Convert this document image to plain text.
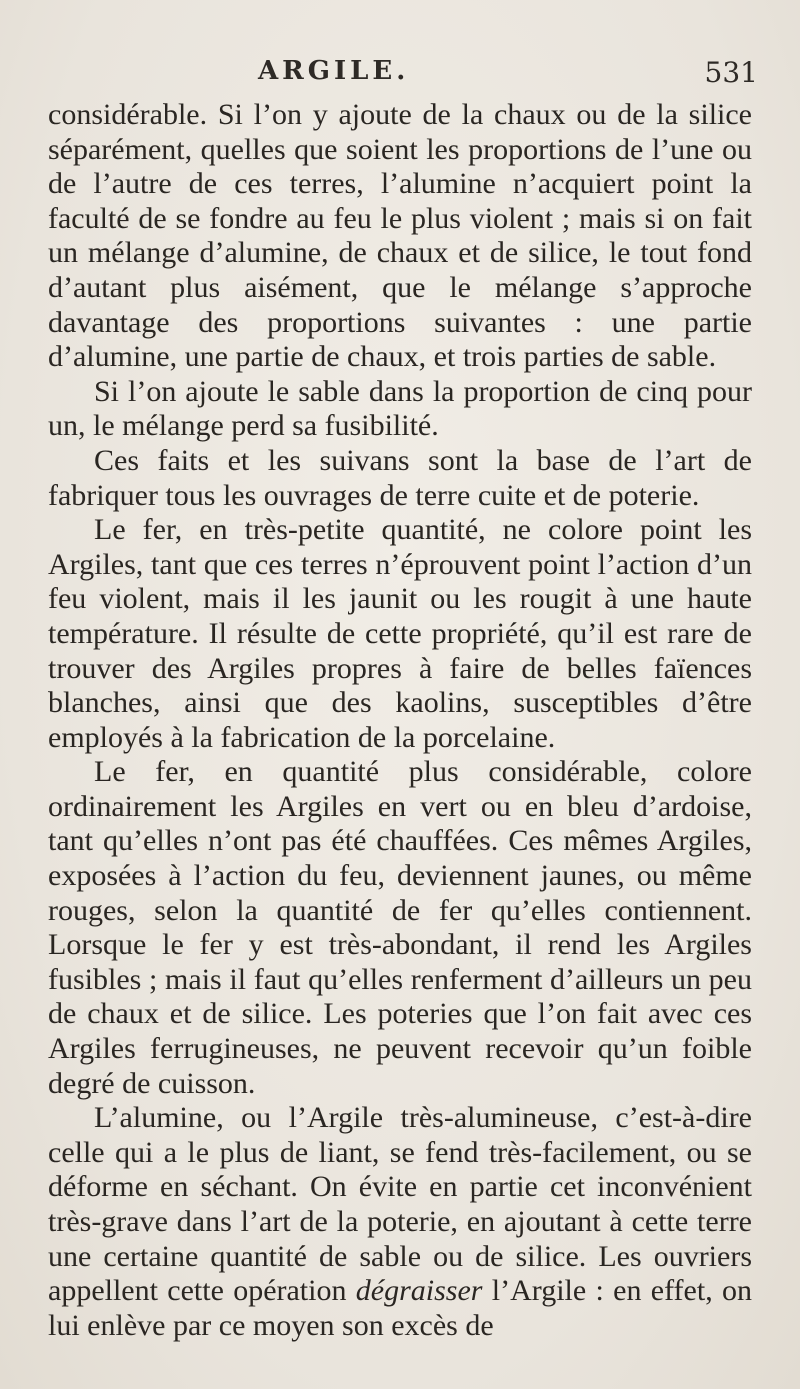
ARGILE.	531

considérable. Si l’on y ajoute de la chaux ou de la silice séparément, quelles que soient les proportions de l’une ou de l’autre de ces terres, l’alumine n’acquiert point la faculté de se fondre au feu le plus violent ; mais si on fait un mélange d’alumine, de chaux et de silice, le tout fond d’autant plus aisément, que le mélange s’approche davantage des proportions suivantes : une partie d’alumine, une partie de chaux, et trois parties de sable.

Si l’on ajoute le sable dans la proportion de cinq pour un, le mélange perd sa fusibilité.

Ces faits et les suivans sont la base de l’art de fabriquer tous les ouvrages de terre cuite et de poterie.

Le fer, en très-petite quantité, ne colore point les Argiles, tant que ces terres n’éprouvent point l’action d’un feu violent, mais il les jaunit ou les rougit à une haute température. Il résulte de cette propriété, qu’il est rare de trouver des Argiles propres à faire de belles faïences blanches, ainsi que des kaolins, susceptibles d’être employés à la fabrication de la porcelaine.

Le fer, en quantité plus considérable, colore ordinairement les Argiles en vert ou en bleu d’ardoise, tant qu’elles n’ont pas été chauffées. Ces mêmes Argiles, exposées à l’action du feu, deviennent jaunes, ou même rouges, selon la quantité de fer qu’elles contiennent. Lorsque le fer y est très-abondant, il rend les Argiles fusibles ; mais il faut qu’elles renferment d’ailleurs un peu de chaux et de silice. Les poteries que l’on fait avec ces Argiles ferrugineuses, ne peuvent recevoir qu’un foible degré de cuisson.

L’alumine, ou l’Argile très-alumineuse, c’est-à-dire celle qui a le plus de liant, se fend très-facilement, ou se déforme en séchant. On évite en partie cet inconvénient très-grave dans l’art de la poterie, en ajoutant à cette terre une certaine quantité de sable ou de silice. Les ouvriers appellent cette opération dégraisser l’Argile : en effet, on lui enlève par ce moyen son excès de
